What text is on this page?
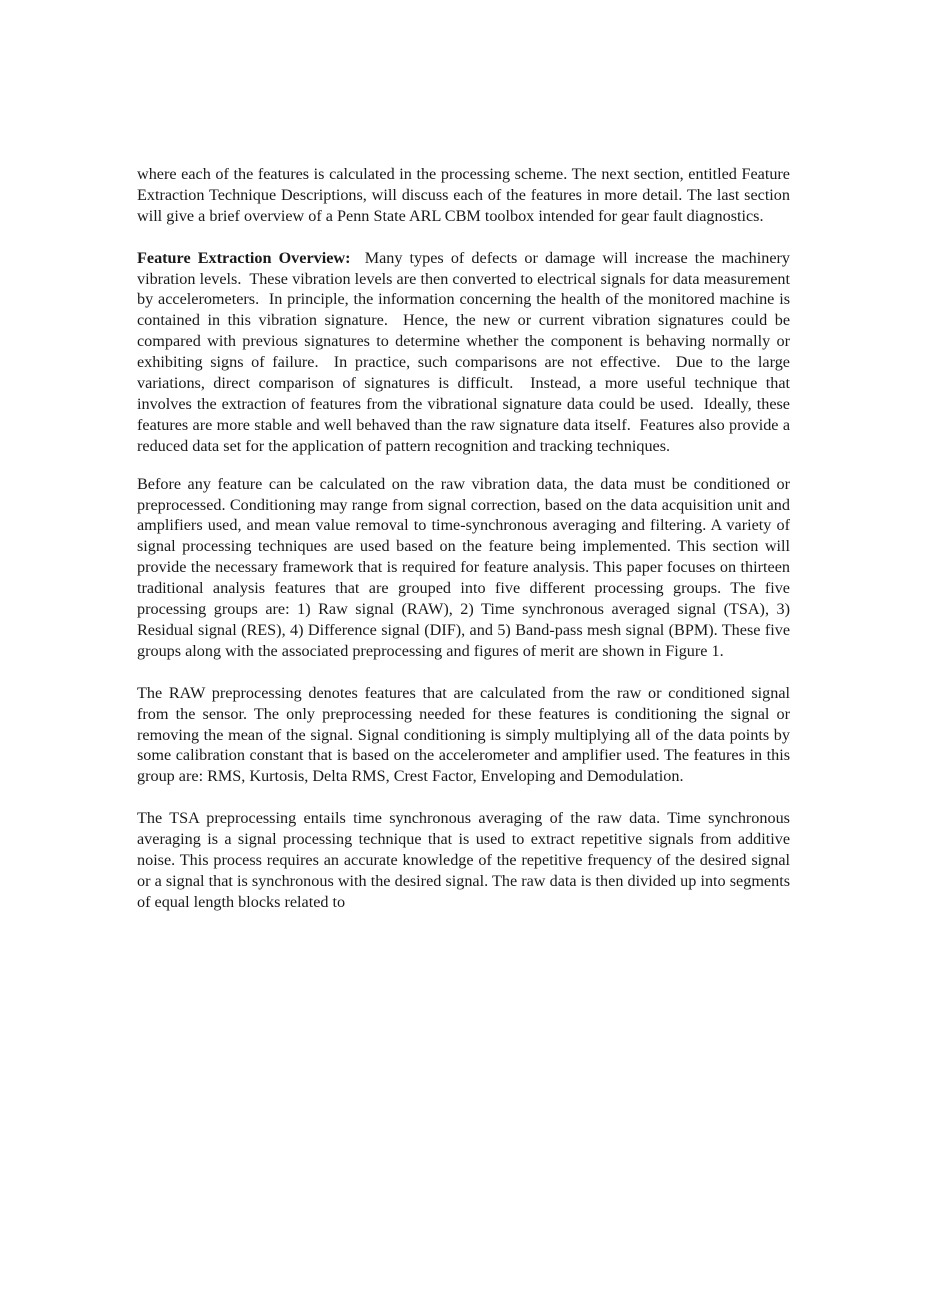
where each of the features is calculated in the processing scheme. The next section, entitled Feature Extraction Technique Descriptions, will discuss each of the features in more detail. The last section will give a brief overview of a Penn State ARL CBM toolbox intended for gear fault diagnostics.

Feature Extraction Overview:  Many types of defects or damage will increase the machinery vibration levels.  These vibration levels are then converted to electrical signals for data measurement by accelerometers.  In principle, the information concerning the health of the monitored machine is contained in this vibration signature.  Hence, the new or current vibration signatures could be compared with previous signatures to determine whether the component is behaving normally or exhibiting signs of failure.  In practice, such comparisons are not effective.  Due to the large variations, direct comparison of signatures is difficult.  Instead, a more useful technique that involves the extraction of features from the vibrational signature data could be used.  Ideally, these features are more stable and well behaved than the raw signature data itself.  Features also provide a reduced data set for the application of pattern recognition and tracking techniques.

Before any feature can be calculated on the raw vibration data, the data must be conditioned or preprocessed. Conditioning may range from signal correction, based on the data acquisition unit and amplifiers used, and mean value removal to time-synchronous averaging and filtering. A variety of signal processing techniques are used based on the feature being implemented. This section will provide the necessary framework that is required for feature analysis. This paper focuses on thirteen traditional analysis features that are grouped into five different processing groups. The five processing groups are: 1) Raw signal (RAW), 2) Time synchronous averaged signal (TSA), 3) Residual signal (RES), 4) Difference signal (DIF), and 5) Band-pass mesh signal (BPM). These five groups along with the associated preprocessing and figures of merit are shown in Figure 1.

The RAW preprocessing denotes features that are calculated from the raw or conditioned signal from the sensor. The only preprocessing needed for these features is conditioning the signal or removing the mean of the signal. Signal conditioning is simply multiplying all of the data points by some calibration constant that is based on the accelerometer and amplifier used. The features in this group are: RMS, Kurtosis, Delta RMS, Crest Factor, Enveloping and Demodulation.

The TSA preprocessing entails time synchronous averaging of the raw data. Time synchronous averaging is a signal processing technique that is used to extract repetitive signals from additive noise. This process requires an accurate knowledge of the repetitive frequency of the desired signal or a signal that is synchronous with the desired signal. The raw data is then divided up into segments of equal length blocks related to
